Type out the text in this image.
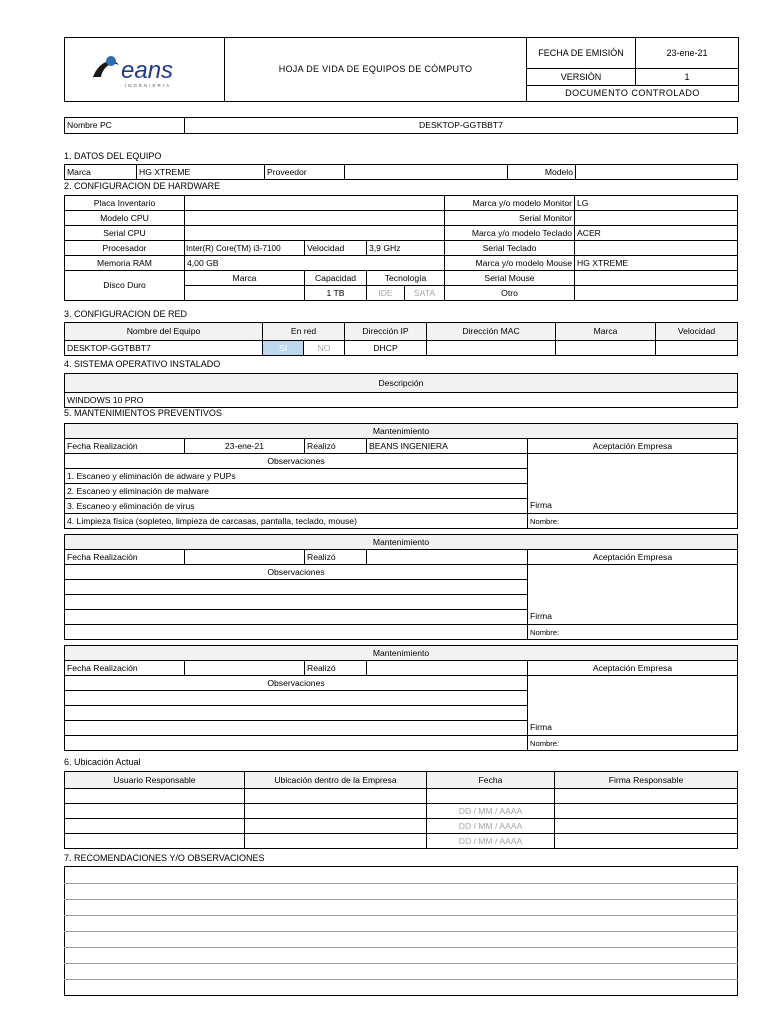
eans
INGENIERIA	HOJA DE VIDA DE EQUIPOS DE CÓMPUTO	FECHA DE EMISIÓN	23-ene-21
		VERSIÓN	1
		DOCUMENTO CONTROLADO	
Nombre PC	DESKTOP-GGTBBT7
1. DATOS DEL EQUIPO
Marca	HG XTREME	Proveedor		Modelo	
2. CONFIGURACION DE HARDWARE
Placa Inventario					Marca y/o modelo Monitor	LG
Modelo CPU					Serial Monitor	
Serial CPU					Marca y/o modelo Teclado	ACER
Procesador	Inter(R) Core(TM) i3-7100	Velocidad	3,9 GHz		Serial Teclado	
Memoria RAM	4,00 GB				Marca y/o modelo Mouse	HG XTREME
Disco Duro	Marca	Capacidad	Tecnología		Serial Mouse	
		1 TB	IDE	SATA	Otro	
3. CONFIGURACION DE RED
Nombre del Equipo	En red		Dirección IP	Dirección MAC	Marca	Velocidad
DESKTOP-GGTBBT7	SI	NO	DHCP			
4. SISTEMA OPERATIVO INSTALADO
Descripción
WINDOWS 10 PRO
5. MANTENIMIENTOS PREVENTIVOS
Mantenimiento				
Fecha Realización	23-ene-21	Realizó	BEANS INGENIERA	Aceptación Empresa
Observaciones				
1. Escaneo y eliminación de adware y PUPs				
2. Escaneo y eliminación de malware				
3. Escaneo y eliminación de virus				Firma
4. Limpieza física (sopleteo, limpieza de carcasas, pantalla, teclado, mouse)				Nombre:
Mantenimiento				
Fecha Realización		Realizó		Aceptación Empresa
Observaciones				

				Firma
				Nombre:
Mantenimiento				
Fecha Realización		Realizó		Aceptación Empresa
Observaciones				

				Firma
				Nombre:
6. Ubicación Actual
Usuario Responsable	Ubicación dentro de la Empresa	Fecha	Firma Responsable

		DD / MM / AAAA	
		DD / MM / AAAA	
		DD / MM / AAAA	
7. RECOMENDACIONES Y/O OBSERVACIONES
